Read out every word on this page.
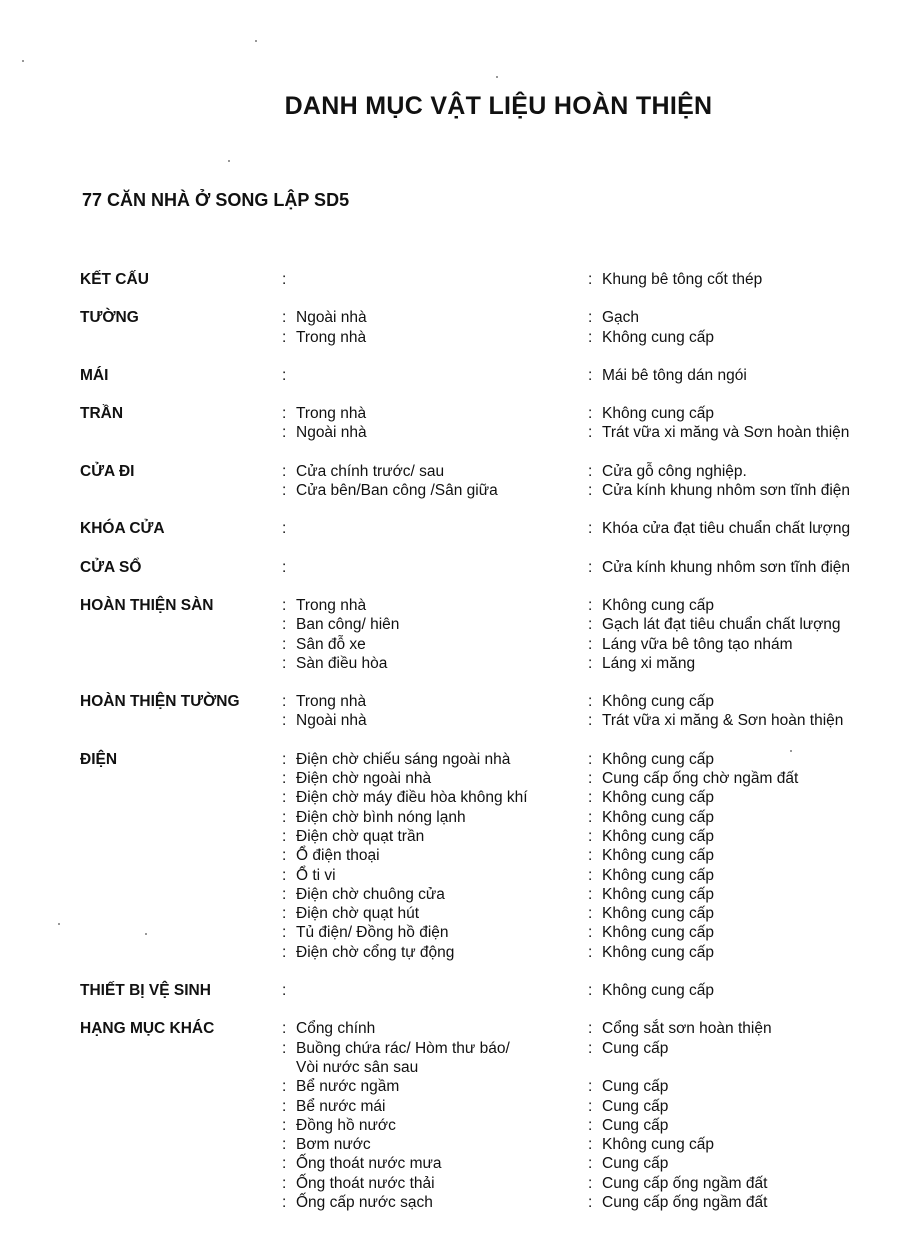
DANH MỤC VẬT LIỆU HOÀN THIỆN
77 CĂN NHÀ Ở SONG LẬP SD5
KẾT CẤU	:	: Khung bê tông cốt thép
TƯỜNG	: Ngoài nhà	: Gạch
: Trong nhà	: Không cung cấp
MÁI	:	: Mái bê tông dán ngói
TRẦN	: Trong nhà	: Không cung cấp
: Ngoài nhà	: Trát vữa xi măng và Sơn hoàn thiện
CỬA ĐI	: Cửa chính trước/ sau	: Cửa gỗ công nghiệp.
: Cửa bên/Ban công /Sân giữa	: Cửa kính khung nhôm sơn tĩnh điện
KHÓA CỬA	:	: Khóa cửa đạt tiêu chuẩn chất lượng
CỬA SỔ	:	: Cửa kính khung nhôm sơn tĩnh điện
HOÀN THIỆN SÀN	: Trong nhà	: Không cung cấp
: Ban công/ hiên	: Gạch lát đạt tiêu chuẩn chất lượng
: Sân đỗ xe	: Láng vữa bê tông tạo nhám
: Sàn điều hòa	: Láng xi măng
HOÀN THIỆN TƯỜNG	: Trong nhà	: Không cung cấp
: Ngoài nhà	: Trát vữa xi măng & Sơn hoàn thiện
ĐIỆN	: Điện chờ chiếu sáng ngoài nhà	: Không cung cấp
: Điện chờ ngoài nhà	: Cung cấp ống chờ ngầm đất
: Điện chờ máy điều hòa không khí	: Không cung cấp
: Điện chờ bình nóng lạnh	: Không cung cấp
: Điện chờ quạt trần	: Không cung cấp
: Ổ điện thoại	: Không cung cấp
: Ổ ti vi	: Không cung cấp
: Điện chờ chuông cửa	: Không cung cấp
: Điện chờ quạt hút	: Không cung cấp
: Tủ điện/ Đồng hồ điện	: Không cung cấp
: Điện chờ cổng tự động	: Không cung cấp
THIẾT BỊ VỆ SINH	:	: Không cung cấp
HẠNG MỤC KHÁC	: Cổng chính	: Cổng sắt sơn hoàn thiện
: Buồng chứa rác/ Hòm thư báo/	: Cung cấp
Vòi nước sân sau
: Bể nước ngầm	: Cung cấp
: Bể nước mái	: Cung cấp
: Đồng hồ nước	: Cung cấp
: Bơm nước	: Không cung cấp
: Ống thoát nước mưa	: Cung cấp
: Ống thoát nước thải	: Cung cấp ống ngầm đất
: Ống cấp nước sạch	: Cung cấp ống ngầm đất
